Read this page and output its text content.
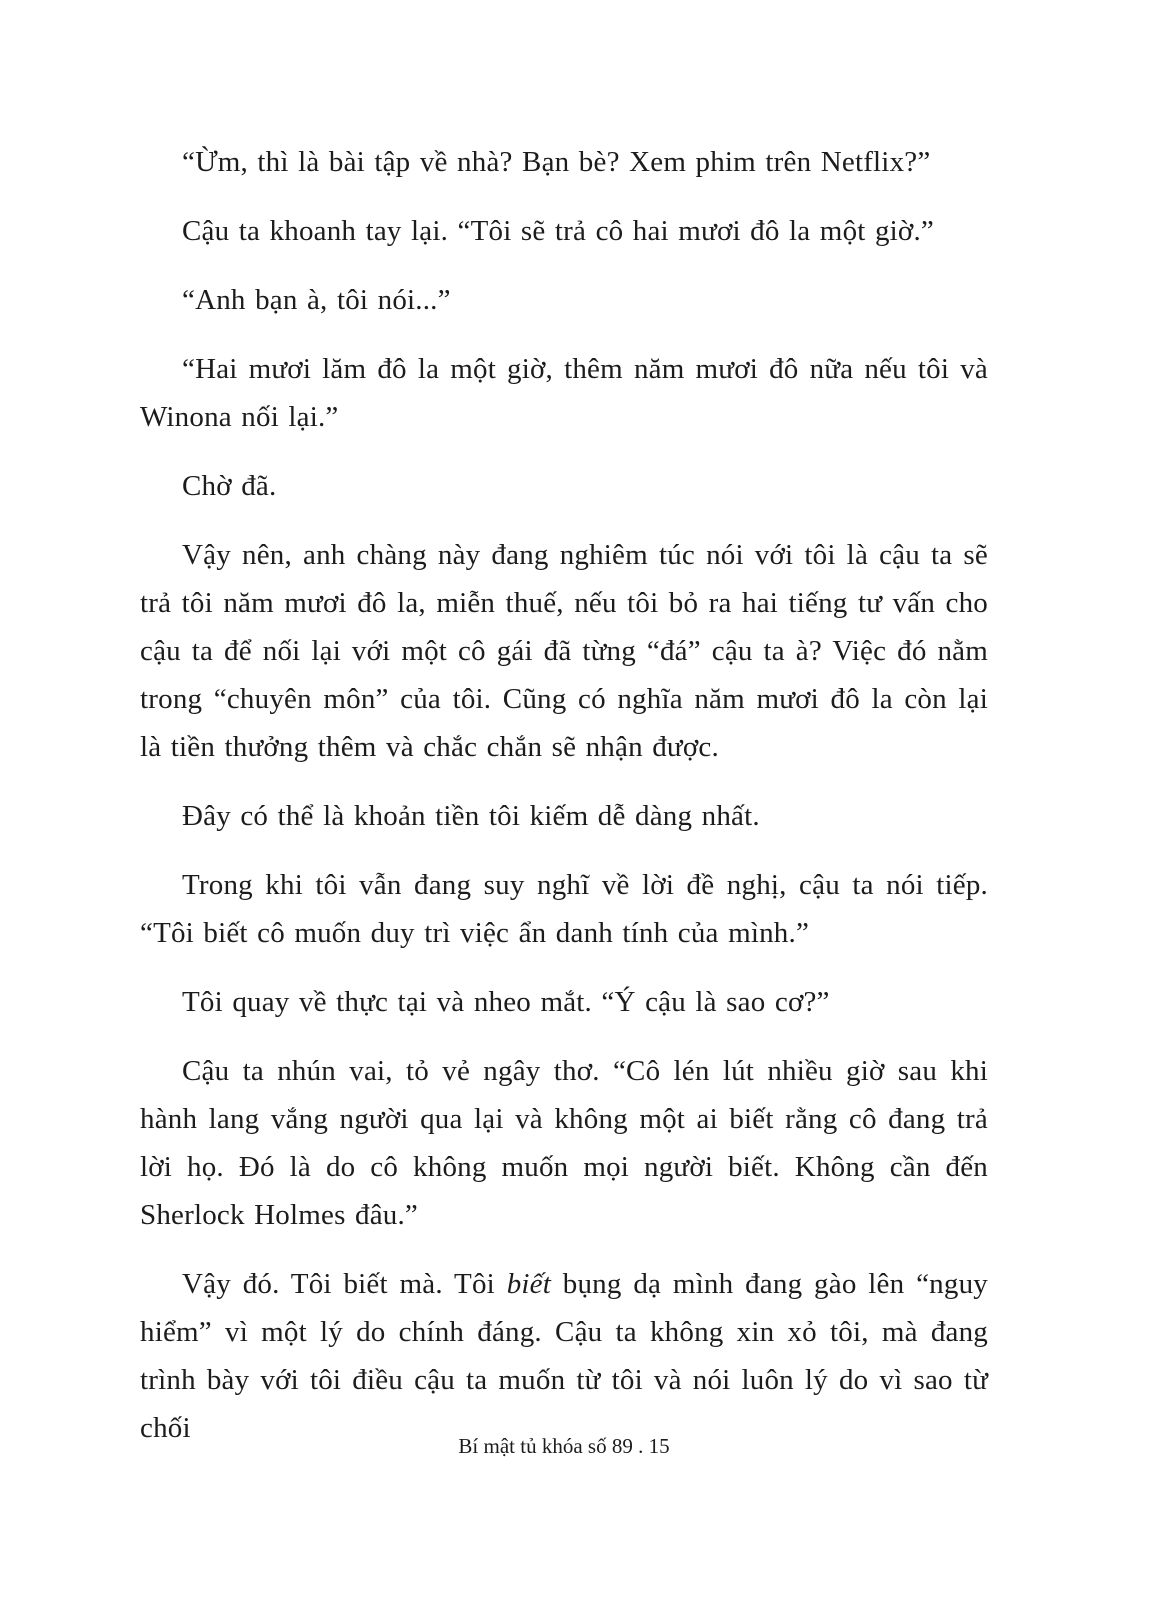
“Ừm, thì là bài tập về nhà? Bạn bè? Xem phim trên Netflix?”

Cậu ta khoanh tay lại. “Tôi sẽ trả cô hai mươi đô la một giờ.”

“Anh bạn à, tôi nói...”

“Hai mươi lăm đô la một giờ, thêm năm mươi đô nữa nếu tôi và Winona nối lại.”

Chờ đã.

Vậy nên, anh chàng này đang nghiêm túc nói với tôi là cậu ta sẽ trả tôi năm mươi đô la, miễn thuế, nếu tôi bỏ ra hai tiếng tư vấn cho cậu ta để nối lại với một cô gái đã từng “đá” cậu ta à? Việc đó nằm trong “chuyên môn” của tôi. Cũng có nghĩa năm mươi đô la còn lại là tiền thưởng thêm và chắc chắn sẽ nhận được.

Đây có thể là khoản tiền tôi kiếm dễ dàng nhất.

Trong khi tôi vẫn đang suy nghĩ về lời đề nghị, cậu ta nói tiếp. “Tôi biết cô muốn duy trì việc ẩn danh tính của mình.”

Tôi quay về thực tại và nheo mắt. “Ý cậu là sao cơ?”

Cậu ta nhún vai, tỏ vẻ ngây thơ. “Cô lén lút nhiều giờ sau khi hành lang vắng người qua lại và không một ai biết rằng cô đang trả lời họ. Đó là do cô không muốn mọi người biết. Không cần đến Sherlock Holmes đâu.”

Vậy đó. Tôi biết mà. Tôi biết bụng dạ mình đang gào lên “nguy hiểm” vì một lý do chính đáng. Cậu ta không xin xỏ tôi, mà đang trình bày với tôi điều cậu ta muốn từ tôi và nói luôn lý do vì sao từ chối

Bí mật tủ khóa số 89 . 15
